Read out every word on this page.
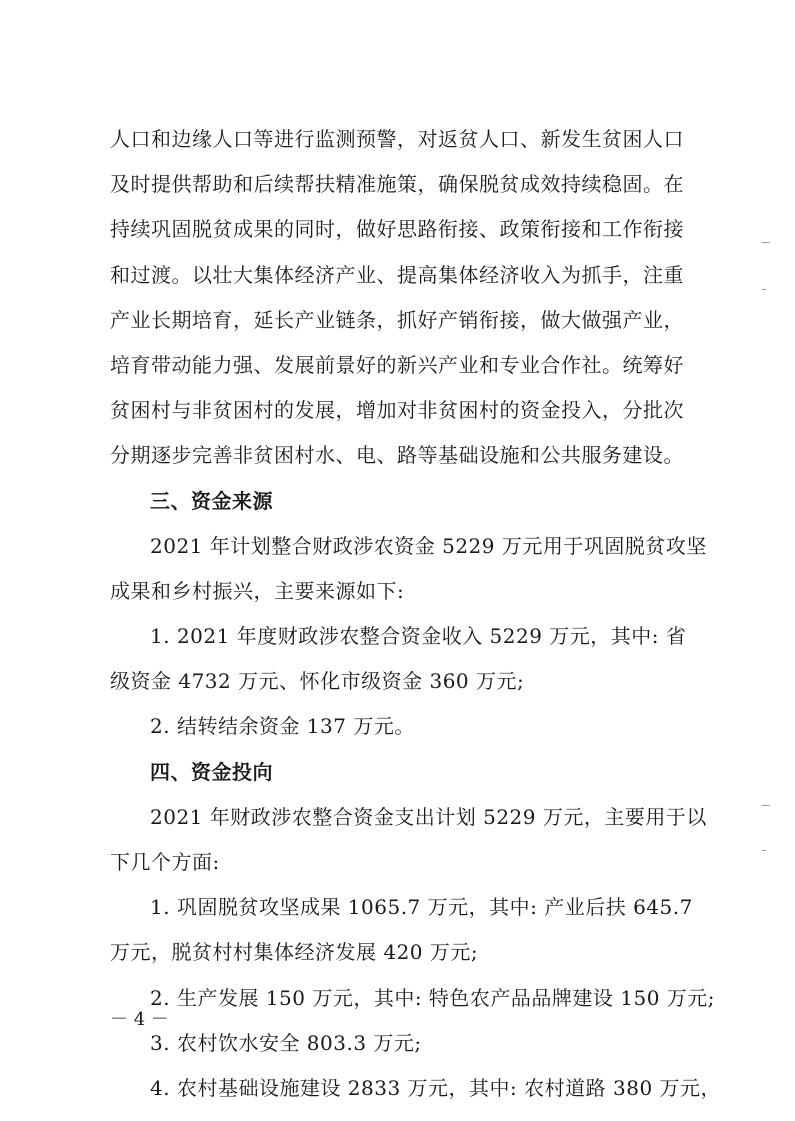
人口和边缘人口等进行监测预警，对返贫人口、新发生贫困人口
及时提供帮助和后续帮扶精准施策，确保脱贫成效持续稳固。在
持续巩固脱贫成果的同时，做好思路衔接、政策衔接和工作衔接
和过渡。以壮大集体经济产业、提高集体经济收入为抓手，注重
产业长期培育，延长产业链条，抓好产销衔接，做大做强产业，
培育带动能力强、发展前景好的新兴产业和专业合作社。统筹好
贫困村与非贫困村的发展，增加对非贫困村的资金投入，分批次
分期逐步完善非贫困村水、电、路等基础设施和公共服务建设。
三、资金来源
2021 年计划整合财政涉农资金 5229 万元用于巩固脱贫攻坚
成果和乡村振兴，主要来源如下:
1. 2021 年度财政涉农整合资金收入 5229 万元，其中: 省
级资金 4732 万元、怀化市级资金 360 万元;
2. 结转结余资金 137 万元。
四、资金投向
2021 年财政涉农整合资金支出计划 5229 万元，主要用于以
下几个方面:
1. 巩固脱贫攻坚成果 1065.7 万元，其中: 产业后扶 645.7
万元，脱贫村村集体经济发展 420 万元;
2. 生产发展 150 万元，其中: 特色农产品品牌建设 150 万元;
3. 农村饮水安全 803.3 万元;
4. 农村基础设施建设 2833 万元，其中: 农村道路 380 万元，
－ 4 －
